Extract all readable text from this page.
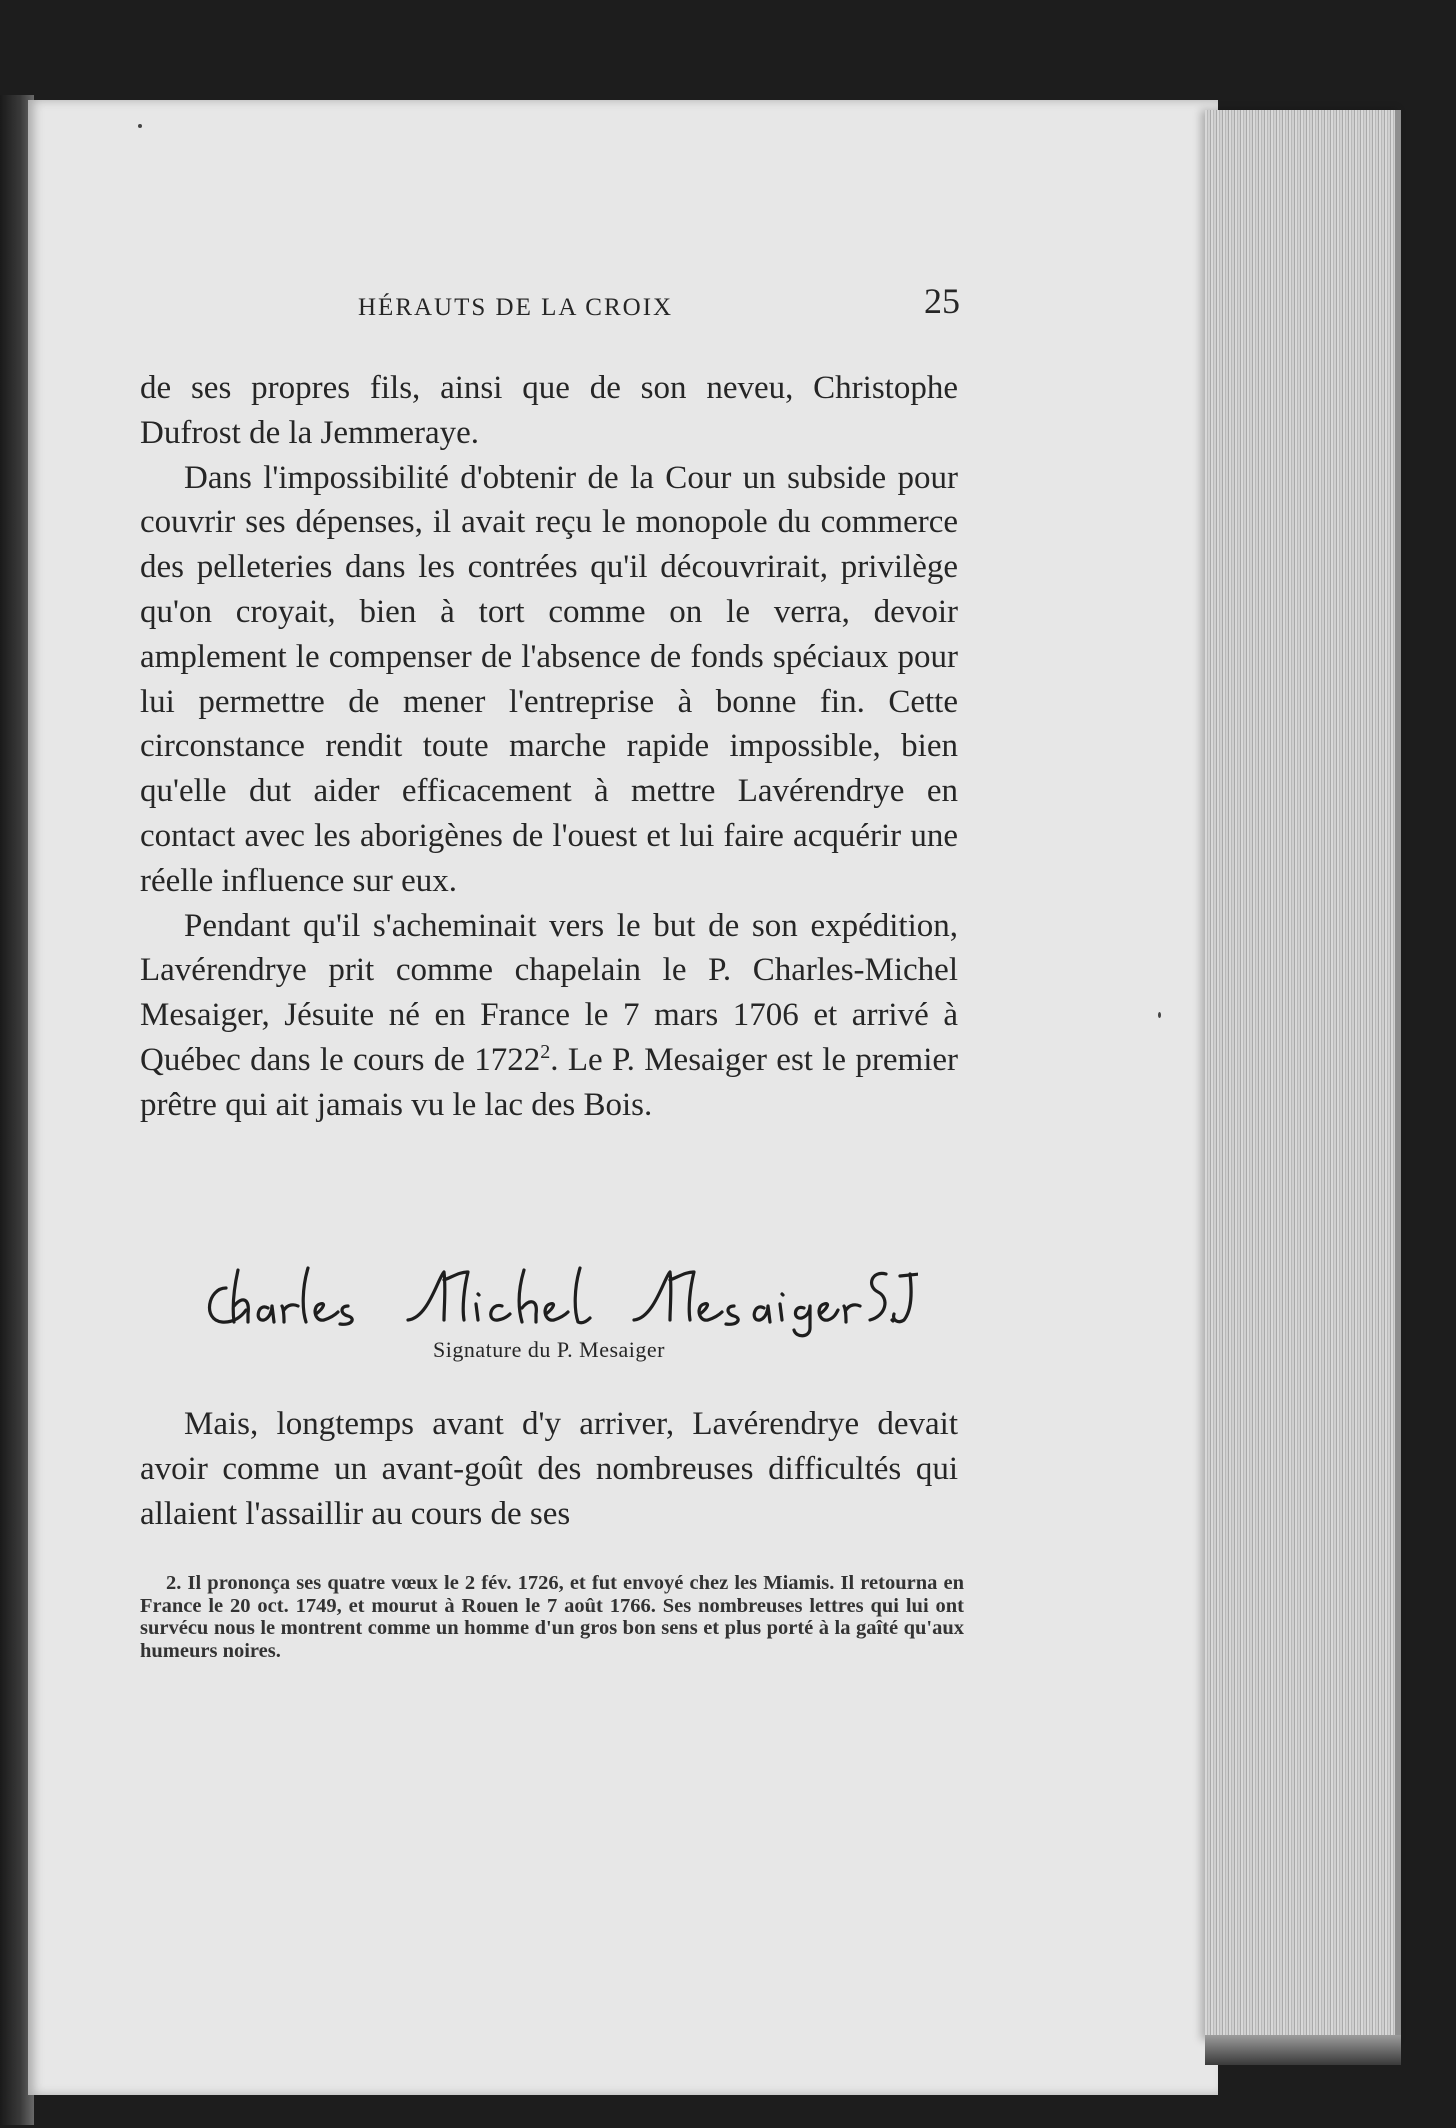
HÉRAUTS DE LA CROIX	25

de ses propres fils, ainsi que de son neveu, Christophe Dufrost de la Jemmeraye.

Dans l'impossibilité d'obtenir de la Cour un subside pour couvrir ses dépenses, il avait reçu le monopole du commerce des pelleteries dans les contrées qu'il découvrirait, privilège qu'on croyait, bien à tort comme on le verra, devoir amplement le compenser de l'absence de fonds spéciaux pour lui permettre de mener l'entreprise à bonne fin. Cette circonstance rendit toute marche rapide impossible, bien qu'elle dut aider efficacement à mettre Lavérendrye en contact avec les aborigènes de l'ouest et lui faire acquérir une réelle influence sur eux.

Pendant qu'il s'acheminait vers le but de son expédition, Lavérendrye prit comme chapelain le P. Charles-Michel Mesaiger, Jésuite né en France le 7 mars 1706 et arrivé à Québec dans le cours de 1722$^2$. Le P. Mesaiger est le premier prêtre qui ait jamais vu le lac des Bois.

Signature du P. Mesaiger

Mais, longtemps avant d'y arriver, Lavérendrye devait avoir comme un avant-goût des nombreuses difficultés qui allaient l'assaillir au cours de ses

2. Il prononça ses quatre vœux le 2 fév. 1726, et fut envoyé chez les Miamis. Il retourna en France le 20 oct. 1749, et mourut à Rouen le 7 août 1766. Ses nombreuses lettres qui lui ont survécu nous le montrent comme un homme d'un gros bon sens et plus porté à la gaîté qu'aux humeurs noires.
